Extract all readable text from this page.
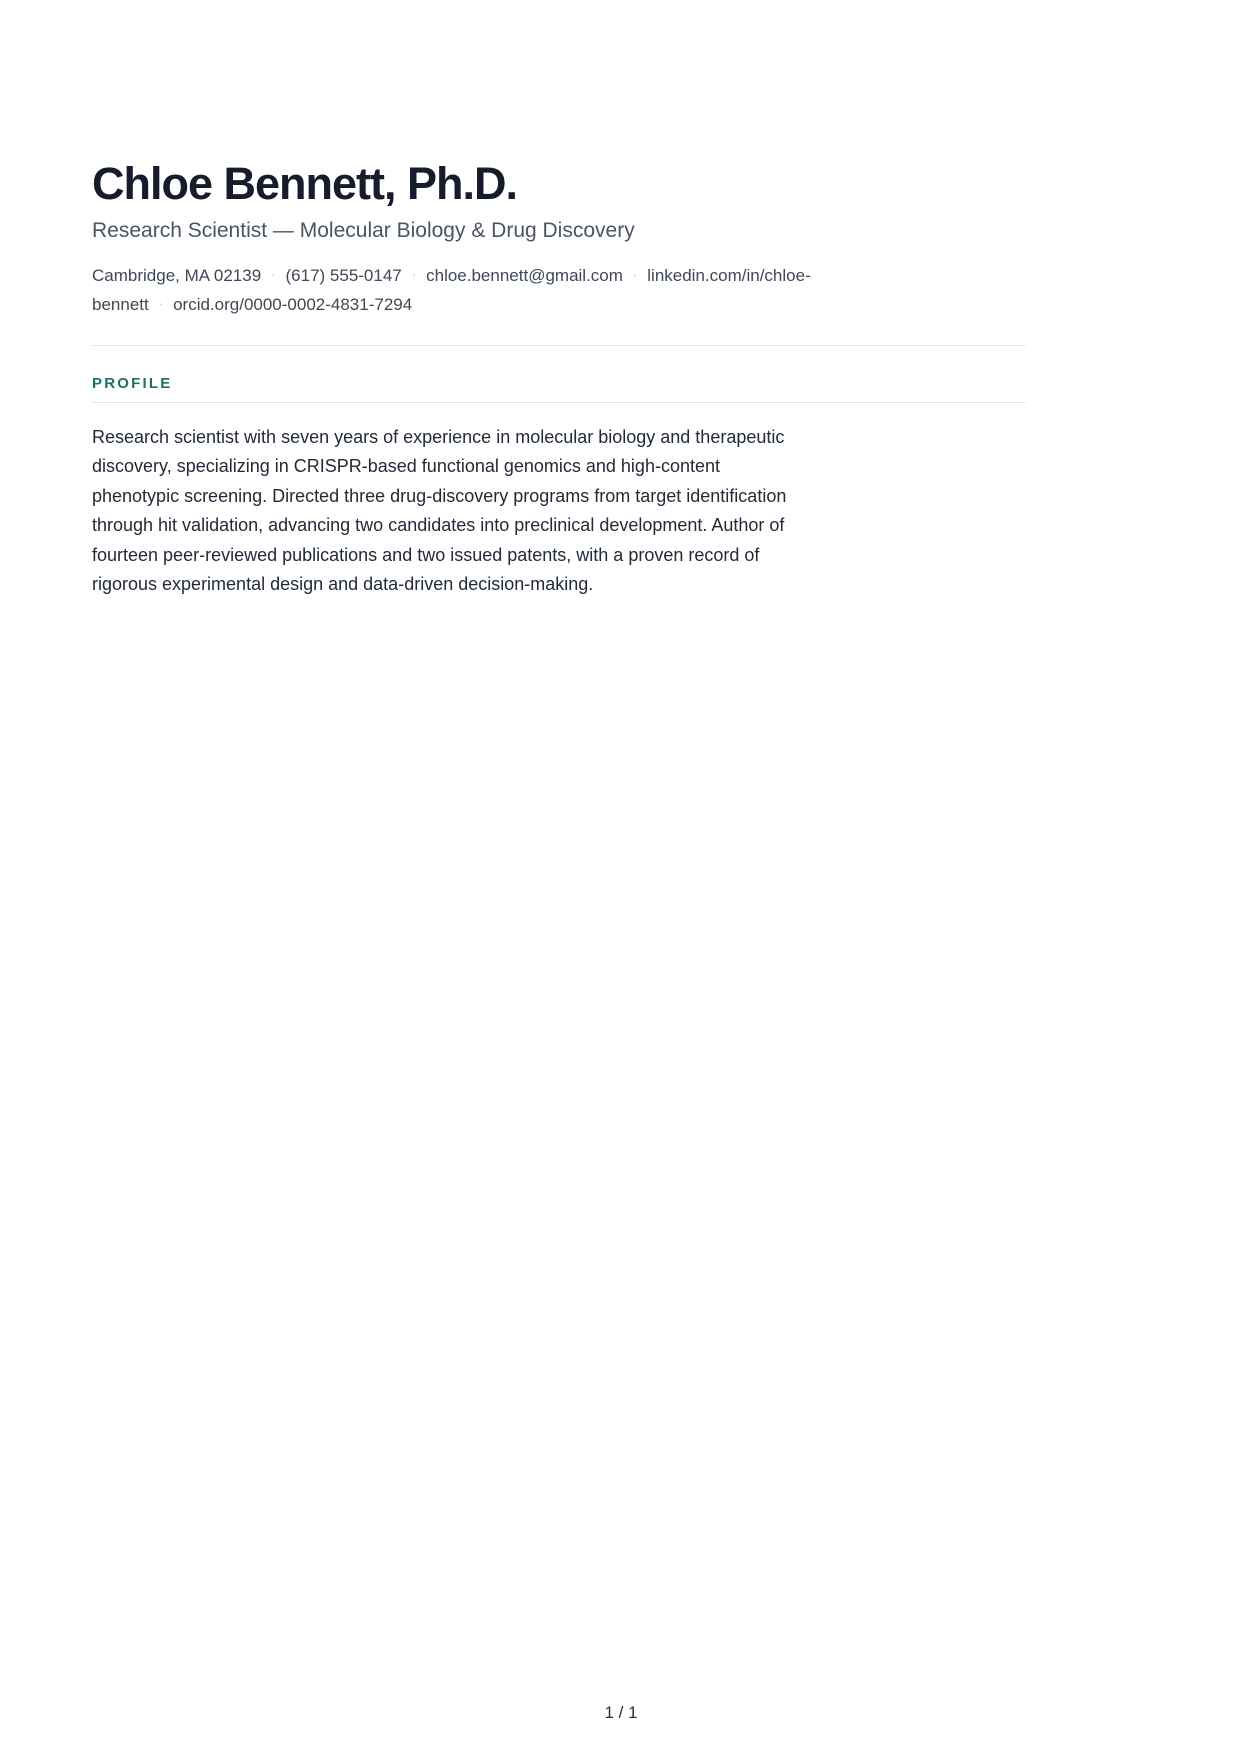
Chloe Bennett, Ph.D.
Research Scientist — Molecular Biology & Drug Discovery
Cambridge, MA 02139 · (617) 555-0147 · chloe.bennett@gmail.com · linkedin.com/in/chloe-bennett · orcid.org/0000-0002-4831-7294
PROFILE

Research scientist with seven years of experience in molecular biology and therapeutic discovery, specializing in CRISPR-based functional genomics and high-content phenotypic screening. Directed three drug-discovery programs from target identification through hit validation, advancing two candidates into preclinical development. Author of fourteen peer-reviewed publications and two issued patents, with a proven record of rigorous experimental design and data-driven decision-making.

1 / 1
